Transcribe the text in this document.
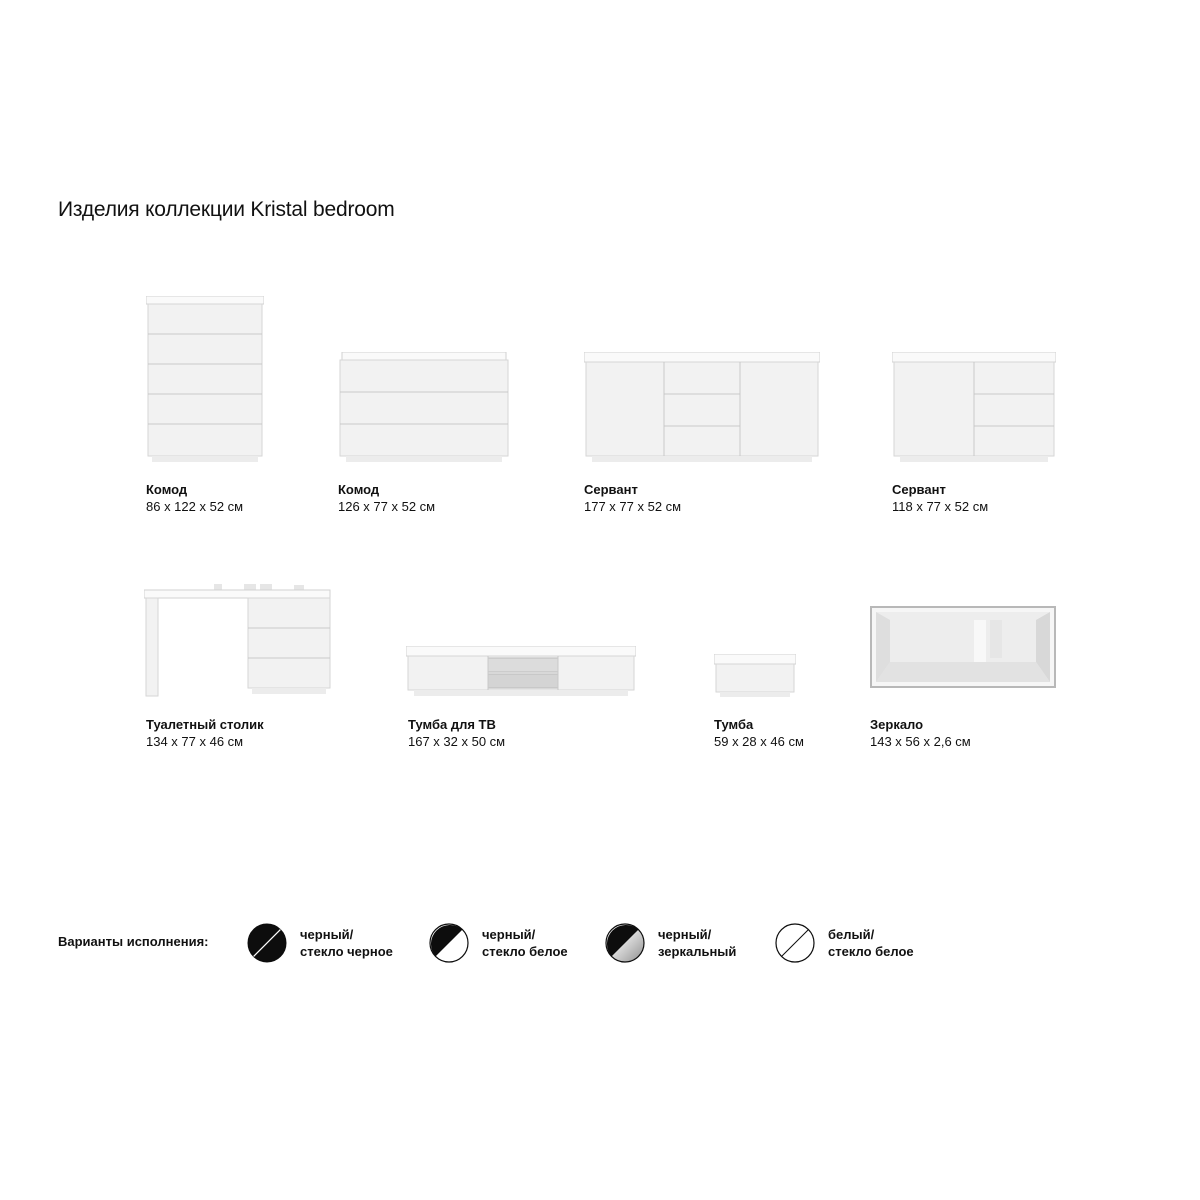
Изделия коллекции Kristal bedroom
Комод
86 x 122 x 52 см
Комод
126 x 77 x 52 см
Сервант
177 x 77 x 52 см
Сервант
118 x 77 x 52 см
Туалетный столик
134 x 77 x 46 см
Тумба для ТВ
167 x 32 x 50 см
Тумба
59 x 28 x 46 см
Зеркало
143 x 56 x 2,6 см
Варианты исполнения:	черный/
стекло черное
черный/
стекло белое
черный/
зеркальный
белый/
стекло белое
